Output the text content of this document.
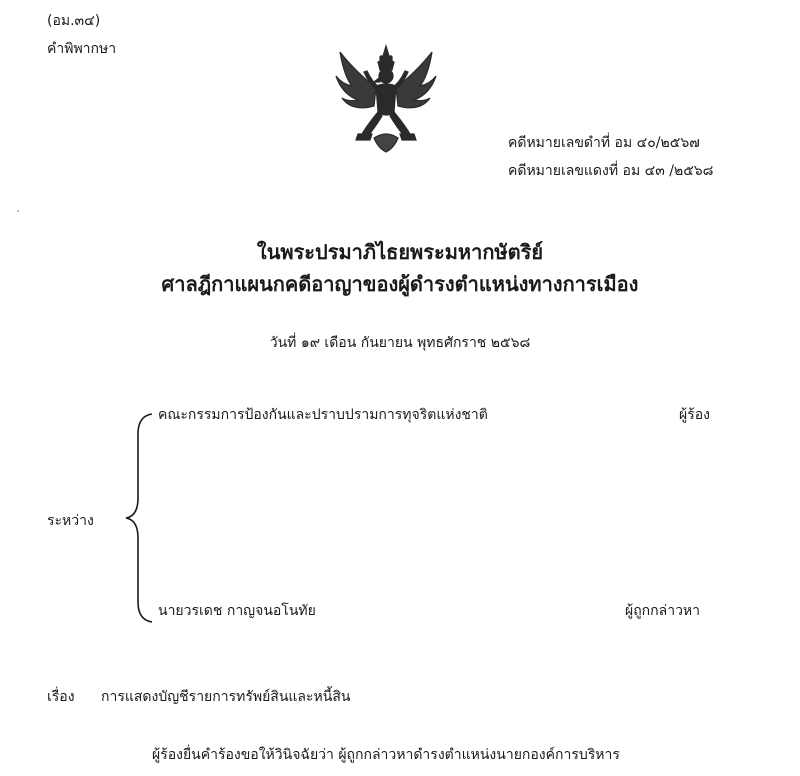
(อม.๓๔)
คำพิพากษา
คดีหมายเลขดำที่ อม ๔๐/๒๕๖๗
คดีหมายเลขแดงที่ อม ๔๓ /๒๕๖๘
ในพระปรมาภิไธยพระมหากษัตริย์
ศาลฎีกาแผนกคดีอาญาของผู้ดำรงตำแหน่งทางการเมือง
วันที่ ๑๙ เดือน กันยายน พุทธศักราช ๒๕๖๘
คณะกรรมการป้องกันและปราบปรามการทุจริตแห่งชาติ	ผู้ร้อง
ระหว่าง
นายวรเดช กาญจนอโนทัย	ผู้ถูกกล่าวหา
เรื่อง การแสดงบัญชีรายการทรัพย์สินและหนี้สิน
ผู้ร้องยื่นคำร้องขอให้วินิจฉัยว่า ผู้ถูกกล่าวหาดำรงตำแหน่งนายกองค์การบริหาร
